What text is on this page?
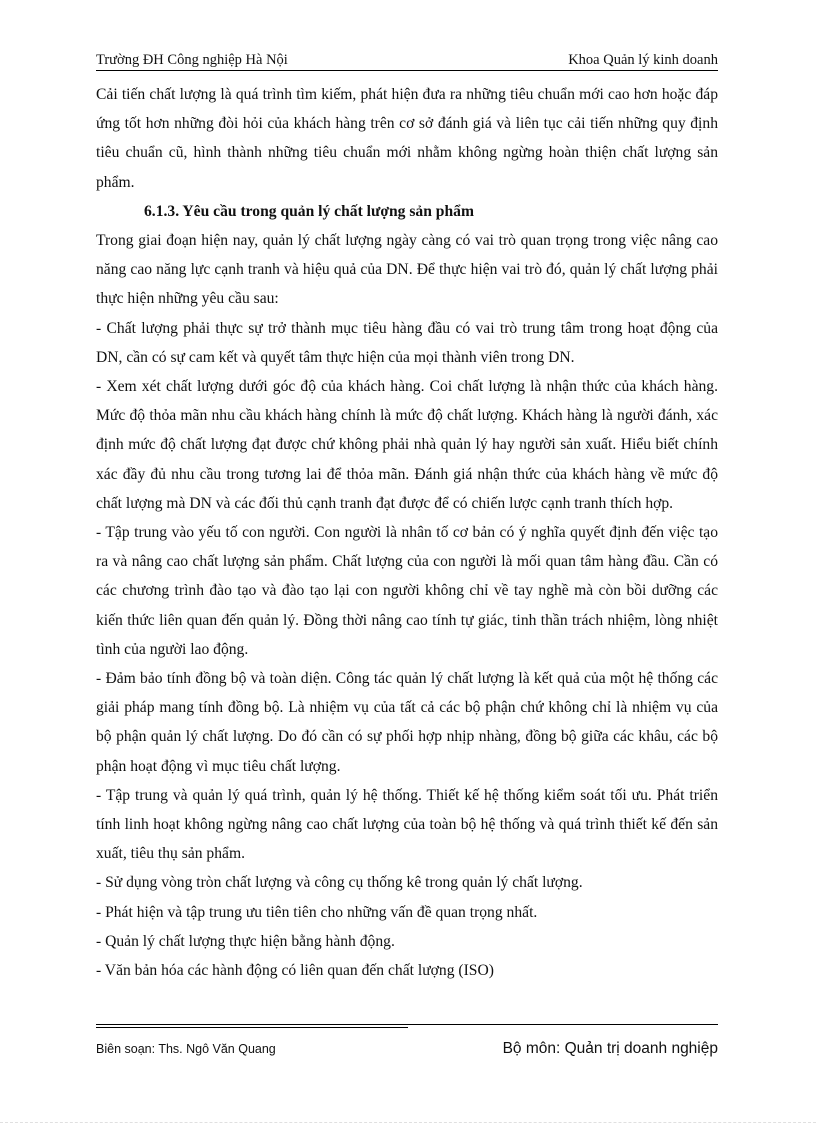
Trường ĐH Công nghiệp Hà Nội	Khoa Quản lý kinh doanh

Cải tiến chất lượng là quá trình tìm kiếm, phát hiện đưa ra những tiêu chuẩn mới cao hơn hoặc đáp ứng tốt hơn những đòi hỏi của khách hàng trên cơ sở đánh giá và liên tục cải tiến những quy định tiêu chuẩn cũ, hình thành những tiêu chuẩn mới nhằm không ngừng hoàn thiện chất lượng sản phẩm.

6.1.3. Yêu cầu trong quản lý chất lượng sản phẩm

Trong giai đoạn hiện nay, quản lý chất lượng ngày càng có vai trò quan trọng trong việc nâng cao năng cao năng lực cạnh tranh và hiệu quả của DN. Để thực hiện vai trò đó, quản lý chất lượng phải thực hiện những yêu cầu sau:

- Chất lượng phải thực sự trở thành mục tiêu hàng đầu có vai trò trung tâm trong hoạt động của DN, cần có sự cam kết và quyết tâm thực hiện của mọi thành viên trong DN.

- Xem xét chất lượng dưới góc độ của khách hàng. Coi chất lượng là nhận thức của khách hàng. Mức độ thỏa mãn nhu cầu khách hàng chính là mức độ chất lượng. Khách hàng là người đánh, xác định mức độ chất lượng đạt được chứ không phải nhà quản lý hay người sản xuất. Hiểu biết chính xác đầy đủ nhu cầu trong tương lai để thỏa mãn. Đánh giá nhận thức của khách hàng về mức độ chất lượng mà DN và các đối thủ cạnh tranh đạt được để có chiến lược cạnh tranh thích hợp.

- Tập trung vào yếu tố con người. Con người là nhân tố cơ bản có ý nghĩa quyết định đến việc tạo ra và nâng cao chất lượng sản phẩm. Chất lượng của con người là mối quan tâm hàng đầu. Cần có các chương trình đào tạo và đào tạo lại con người không chỉ về tay nghề mà còn bồi dưỡng các kiến thức liên quan đến quản lý. Đồng thời nâng cao tính tự giác, tinh thần trách nhiệm, lòng nhiệt tình của người lao động.

- Đảm bảo tính đồng bộ và toàn diện. Công tác quản lý chất lượng là kết quả của một hệ thống các giải pháp mang tính đồng bộ. Là nhiệm vụ của tất cả các bộ phận chứ không chỉ là nhiệm vụ của bộ phận quản lý chất lượng. Do đó cần có sự phối hợp nhịp nhàng, đồng bộ giữa các khâu, các bộ phận hoạt động vì mục tiêu chất lượng.

- Tập trung và quản lý quá trình, quản lý hệ thống. Thiết kế hệ thống kiểm soát tối ưu. Phát triển tính linh hoạt không ngừng nâng cao chất lượng của toàn bộ hệ thống và quá trình thiết kế đến sản xuất, tiêu thụ sản phẩm.

- Sử dụng vòng tròn chất lượng và công cụ thống kê trong quản lý chất lượng.

- Phát hiện và tập trung ưu tiên tiên cho những vấn đề quan trọng nhất.

- Quản lý chất lượng thực hiện bằng hành động.

- Văn bản hóa các hành động có liên quan đến chất lượng (ISO)

Biên soạn: Ths. Ngô Văn Quang	Bộ môn: Quản trị doanh nghiệp
